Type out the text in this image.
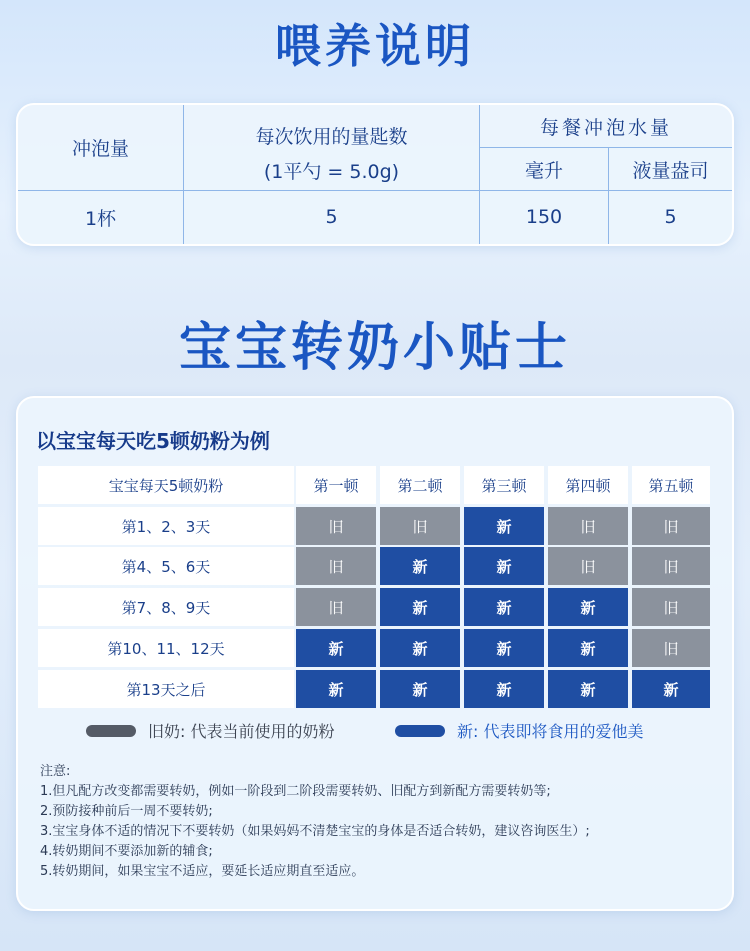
喂养说明
冲泡量
每次饮用的量匙数
(1平勺 = 5.0g)
每餐冲泡水量
毫升	液量盎司
1杯	5	150	5
宝宝转奶小贴士
以宝宝每天吃5顿奶粉为例
宝宝每天5顿奶粉	第一顿	第二顿	第三顿	第四顿	第五顿
第1、2、3天	旧	旧	新	旧	旧
第4、5、6天	旧	新	新	旧	旧
第7、8、9天	旧	新	新	新	旧
第10、11、12天	新	新	新	新	旧
第13天之后	新	新	新	新	新
旧奶: 代表当前使用的奶粉	新: 代表即将食用的爱他美
注意:
1.但凡配方改变都需要转奶，例如一阶段到二阶段需要转奶、旧配方到新配方需要转奶等;
2.预防接种前后一周不要转奶;
3.宝宝身体不适的情况下不要转奶（如果妈妈不清楚宝宝的身体是否适合转奶，建议咨询医生）;
4.转奶期间不要添加新的辅食;
5.转奶期间，如果宝宝不适应，要延长适应期直至适应。
